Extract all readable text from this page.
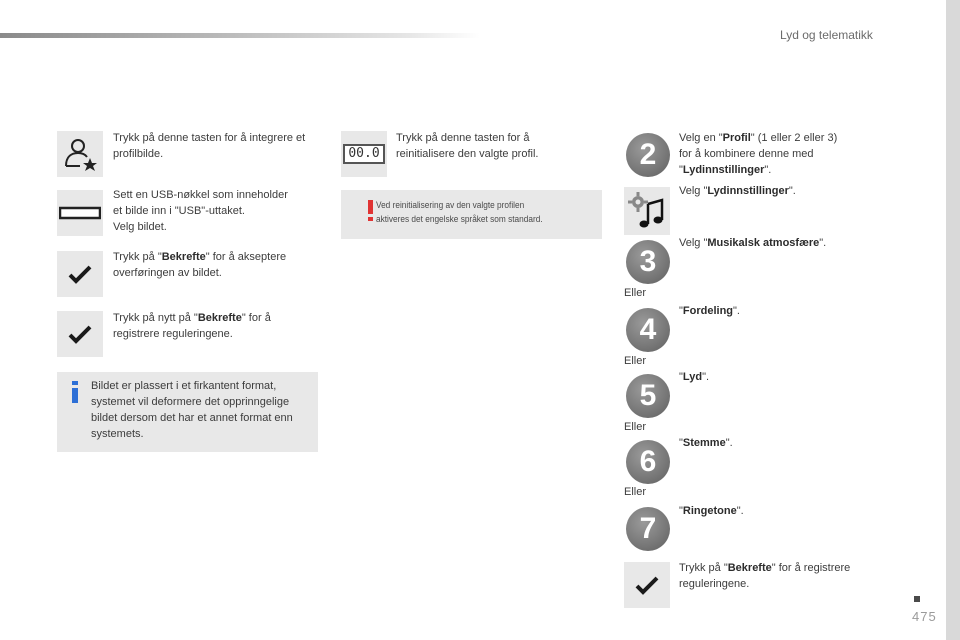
Lyd og telematikk
Trykk på denne tasten for å integrere et profilbilde.
Sett en USB-nøkkel som inneholder
et bilde inn i "USB"-uttaket.
Velg bildet.
Trykk på "Bekrefte" for å akseptere
overføringen av bildet.
Trykk på nytt på "Bekrefte" for å
registrere reguleringene.
Bildet er plassert i et firkantent format, systemet vil deformere det opprinngelige bildet dersom det har et annet format enn systemets.
00.0
Trykk på denne tasten for å reinitialisere den valgte profil.
Ved reinitialisering av den valgte profilen
aktiveres det engelske språket som standard.
2	Velg en "Profil" (1 eller 2 eller 3)
for å kombinere denne med
"Lydinnstillinger".
Velg "Lydinnstillinger".
3
Velg "Musikalsk atmosfære".
Eller
4
"Fordeling".
Eller
5
"Lyd".
Eller
6
"Stemme".
Eller
7
"Ringetone".
Trykk på "Bekrefte" for å registrere
reguleringene.
475
